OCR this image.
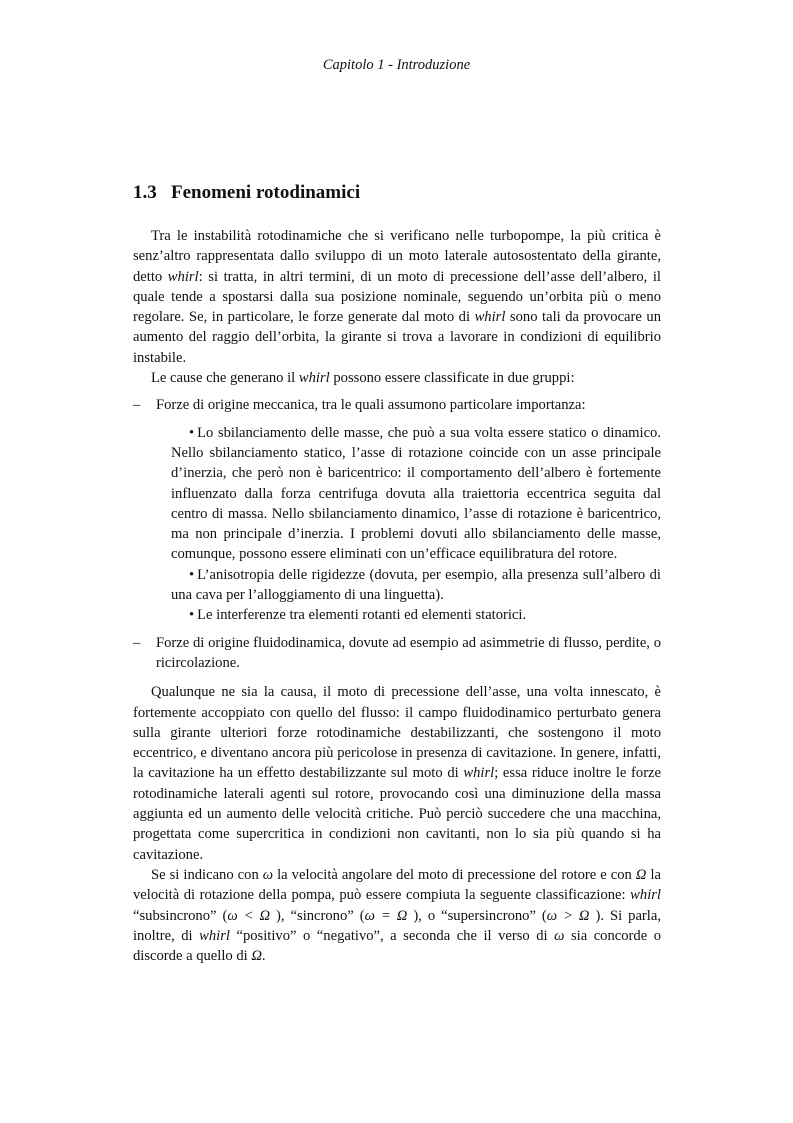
Capitolo 1 - Introduzione
1.3 Fenomeni rotodinamici

Tra le instabilità rotodinamiche che si verificano nelle turbopompe, la più critica è senz’altro rappresentata dallo sviluppo di un moto laterale autosostentato della girante, detto whirl: si tratta, in altri termini, di un moto di precessione dell’asse dell’albero, il quale tende a spostarsi dalla sua posizione nominale, seguendo un’orbita più o meno regolare. Se, in particolare, le forze generate dal moto di whirl sono tali da provocare un aumento del raggio dell’orbita, la girante si trova a lavorare in condizioni di equilibrio instabile.

Le cause che generano il whirl possono essere classificate in due gruppi:

– Forze di origine meccanica, tra le quali assumono particolare importanza:

• Lo sbilanciamento delle masse, che può a sua volta essere statico o dinamico. Nello sbilanciamento statico, l’asse di rotazione coincide con un asse principale d’inerzia, che però non è baricentrico: il comportamento dell’albero è fortemente influenzato dalla forza centrifuga dovuta alla traiettoria eccentrica seguita dal centro di massa. Nello sbilanciamento dinamico, l’asse di rotazione è baricentrico, ma non principale d’inerzia. I problemi dovuti allo sbilanciamento delle masse, comunque, possono essere eliminati con un’efficace equilibratura del rotore.

• L’anisotropia delle rigidezze (dovuta, per esempio, alla presenza sull’albero di una cava per l’alloggiamento di una linguetta).

• Le interferenze tra elementi rotanti ed elementi statorici.

– Forze di origine fluidodinamica, dovute ad esempio ad asimmetrie di flusso, perdite, o ricircolazione.

Qualunque ne sia la causa, il moto di precessione dell’asse, una volta innescato, è fortemente accoppiato con quello del flusso: il campo fluidodinamico perturbato genera sulla girante ulteriori forze rotodinamiche destabilizzanti, che sostengono il moto eccentrico, e diventano ancora più pericolose in presenza di cavitazione. In genere, infatti, la cavitazione ha un effetto destabilizzante sul moto di whirl; essa riduce inoltre le forze rotodinamiche laterali agenti sul rotore, provocando così una diminuzione della massa aggiunta ed un aumento delle velocità critiche. Può perciò succedere che una macchina, progettata come supercritica in condizioni non cavitanti, non lo sia più quando si ha cavitazione.

Se si indicano con ω la velocità angolare del moto di precessione del rotore e con Ω la velocità di rotazione della pompa, può essere compiuta la seguente classificazione: whirl “subsincrono” (ω < Ω ), “sincrono” (ω = Ω ), o “supersincrono” (ω > Ω ). Si parla, inoltre, di whirl “positivo” o “negativo”, a seconda che il verso di ω sia concorde o discorde a quello di Ω.
